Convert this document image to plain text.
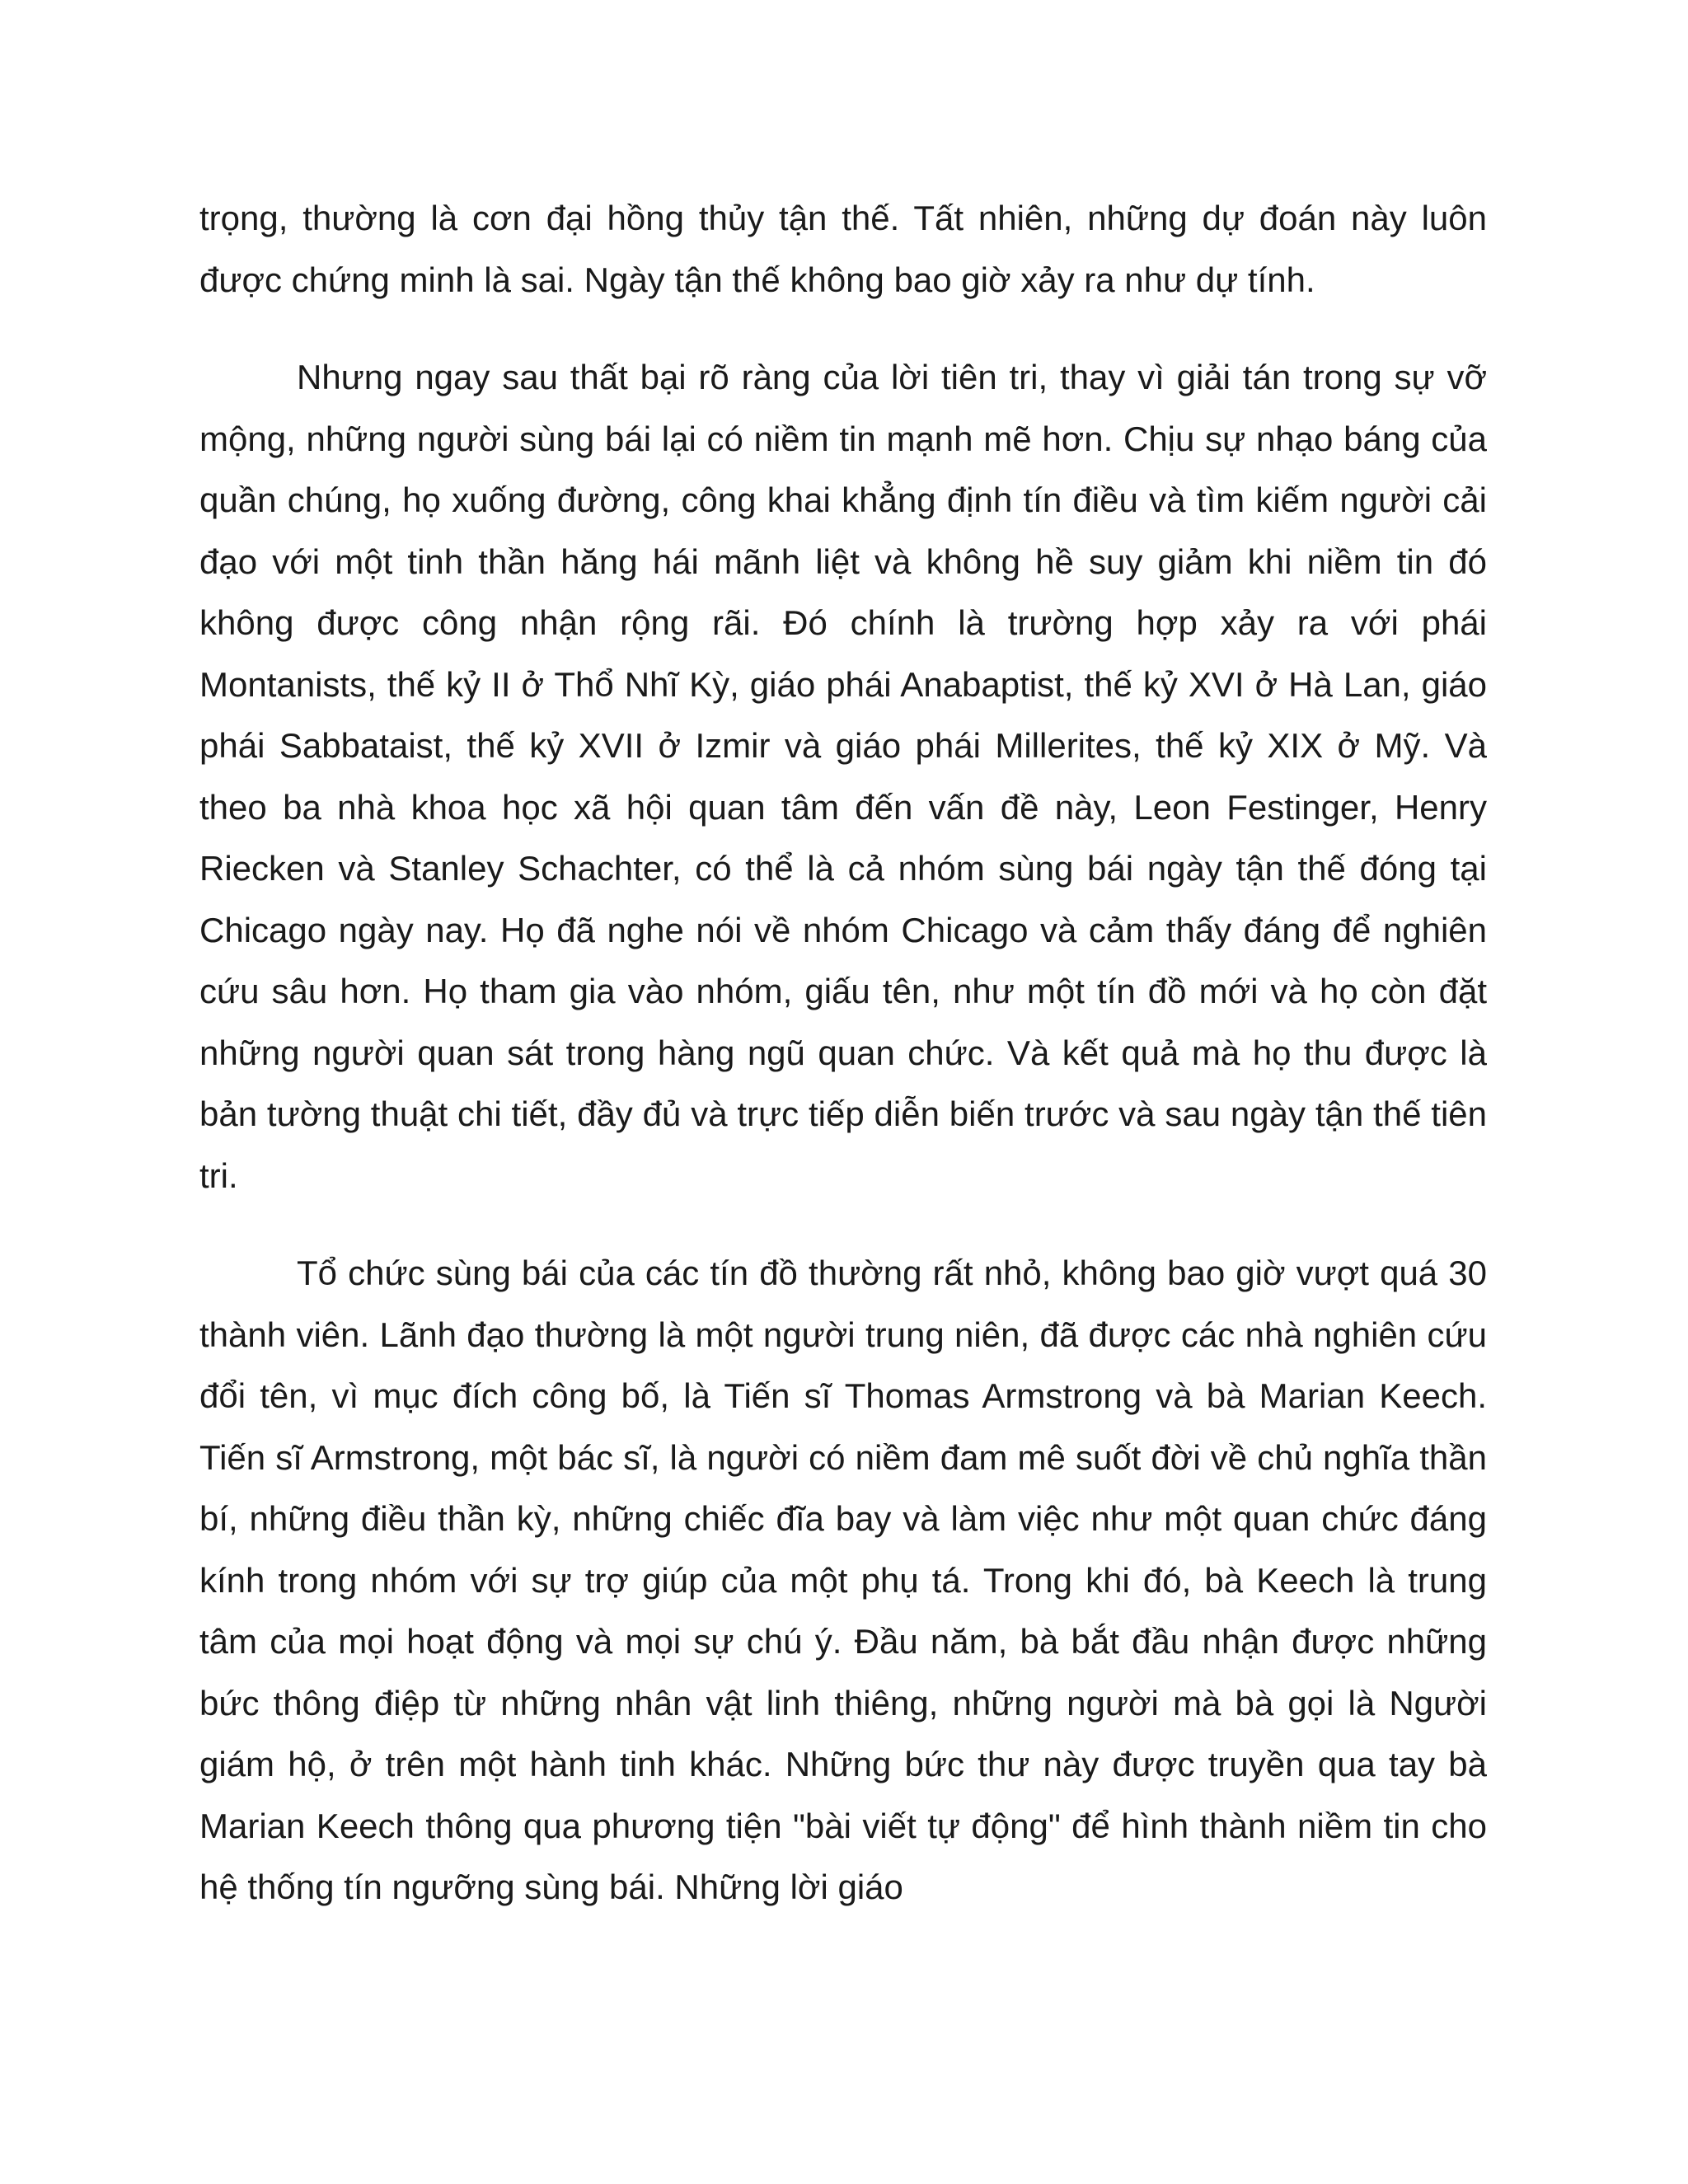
trọng, thường là cơn đại hồng thủy tận thế. Tất nhiên, những dự đoán này luôn được chứng minh là sai. Ngày tận thế không bao giờ xảy ra như dự tính.

Nhưng ngay sau thất bại rõ ràng của lời tiên tri, thay vì giải tán trong sự vỡ mộng, những người sùng bái lại có niềm tin mạnh mẽ hơn. Chịu sự nhạo báng của quần chúng, họ xuống đường, công khai khẳng định tín điều và tìm kiếm người cải đạo với một tinh thần hăng hái mãnh liệt và không hề suy giảm khi niềm tin đó không được công nhận rộng rãi. Đó chính là trường hợp xảy ra với phái Montanists, thế kỷ II ở Thổ Nhĩ Kỳ, giáo phái Anabaptist, thế kỷ XVI ở Hà Lan, giáo phái Sabbataist, thế kỷ XVII ở Izmir và giáo phái Millerites, thế kỷ XIX ở Mỹ. Và theo ba nhà khoa học xã hội quan tâm đến vấn đề này, Leon Festinger, Henry Riecken và Stanley Schachter, có thể là cả nhóm sùng bái ngày tận thế đóng tại Chicago ngày nay. Họ đã nghe nói về nhóm Chicago và cảm thấy đáng để nghiên cứu sâu hơn. Họ tham gia vào nhóm, giấu tên, như một tín đồ mới và họ còn đặt những người quan sát trong hàng ngũ quan chức. Và kết quả mà họ thu được là bản tường thuật chi tiết, đầy đủ và trực tiếp diễn biến trước và sau ngày tận thế tiên tri.

Tổ chức sùng bái của các tín đồ thường rất nhỏ, không bao giờ vượt quá 30 thành viên. Lãnh đạo thường là một người trung niên, đã được các nhà nghiên cứu đổi tên, vì mục đích công bố, là Tiến sĩ Thomas Armstrong và bà Marian Keech. Tiến sĩ Armstrong, một bác sĩ, là người có niềm đam mê suốt đời về chủ nghĩa thần bí, những điều thần kỳ, những chiếc đĩa bay và làm việc như một quan chức đáng kính trong nhóm với sự trợ giúp của một phụ tá. Trong khi đó, bà Keech là trung tâm của mọi hoạt động và mọi sự chú ý. Đầu năm, bà bắt đầu nhận được những bức thông điệp từ những nhân vật linh thiêng, những người mà bà gọi là Người giám hộ, ở trên một hành tinh khác. Những bức thư này được truyền qua tay bà Marian Keech thông qua phương tiện "bài viết tự động" để hình thành niềm tin cho hệ thống tín ngưỡng sùng bái. Những lời giáo
